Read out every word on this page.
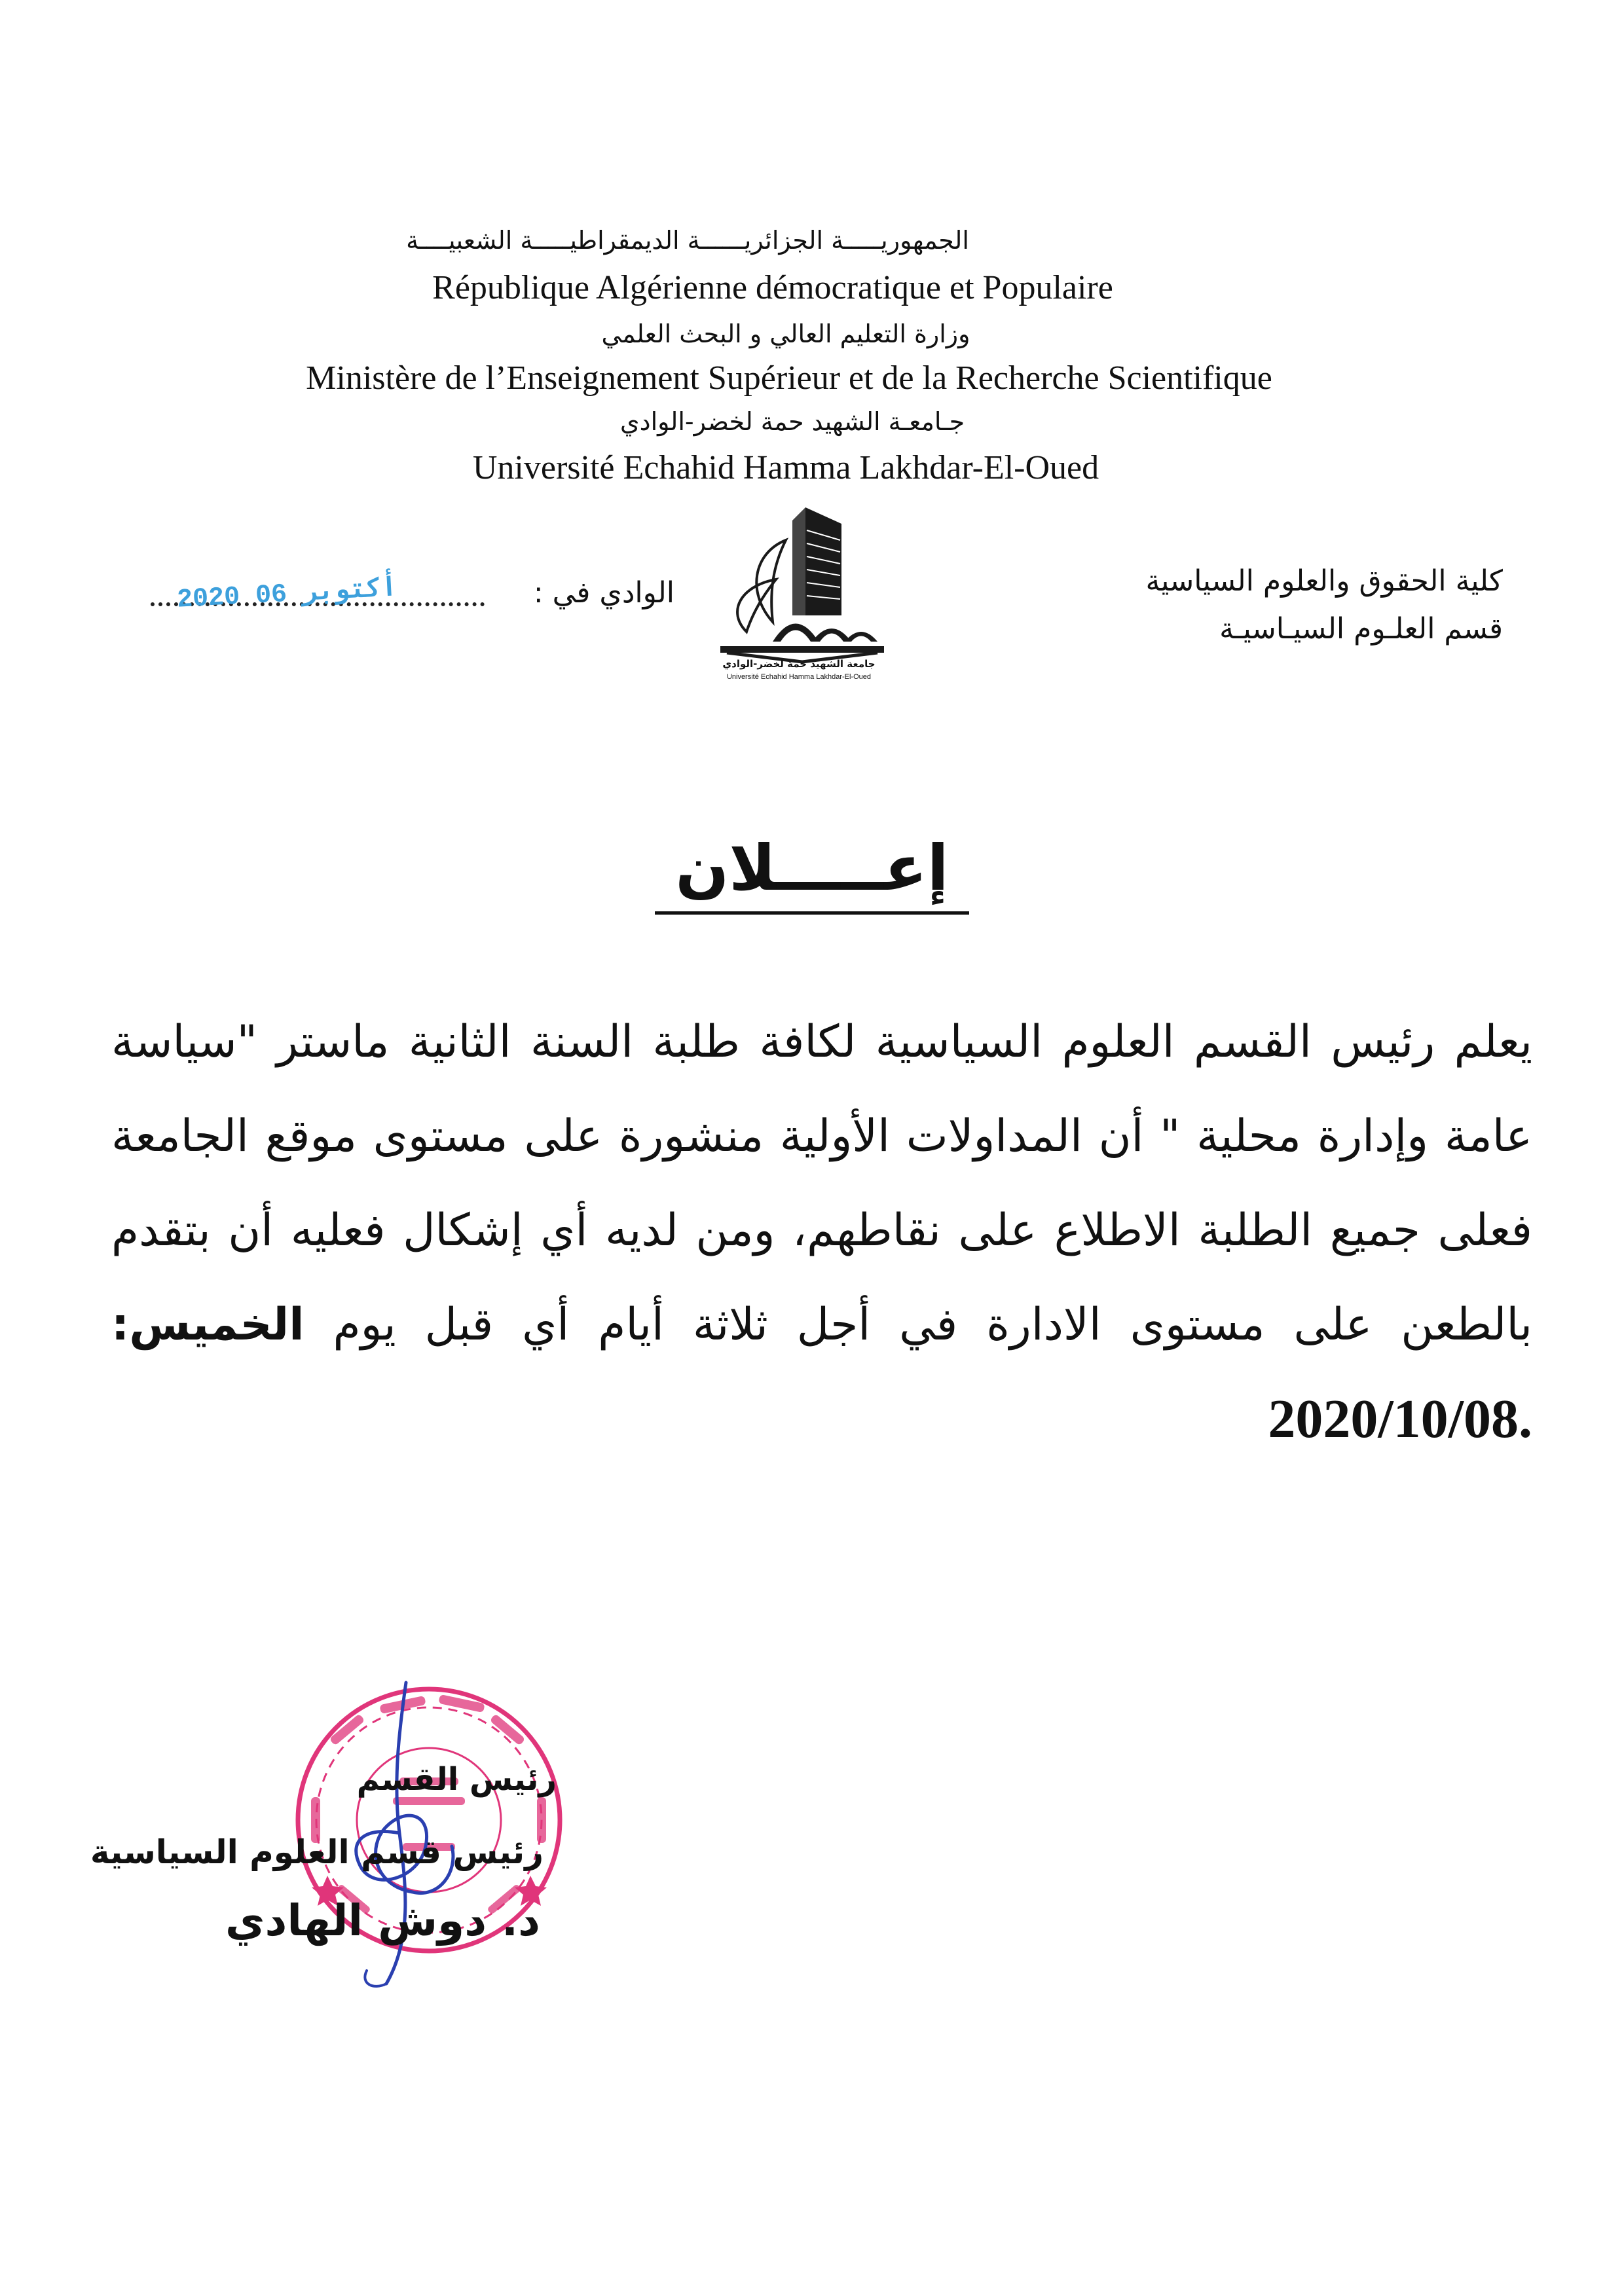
الجمهوريـــــة الجزائريــــــة الديمقراطيـــــة الشعبيــــة
République Algérienne démocratique et Populaire
وزارة التعليم العالي و البحث العلمي
Ministère de l’Enseignement Supérieur et de la Recherche Scientifique
جـامعـة الشهيد حمة لخضر-الوادي
Université Echahid Hamma Lakhdar-El-Oued
جامعة الشهيد حمة لخضر-الوادي
Université Echahid Hamma Lakhdar-El-Oued
كلية الحقوق والعلوم السياسية
قسم العلـوم السيـاسيـة
الوادي في :
2020 أكتوبر 06
إعـــــلان
يعلم رئيس القسم العلوم السياسية لكافة طلبة السنة الثانية ماستر "سياسة عامة وإدارة محلية " أن المداولات الأولية منشورة على مستوى موقع الجامعة فعلى جميع الطلبة الاطلاع على نقاطهم، ومن لديه أي إشكال فعليه أن بتقدم بالطعن على مستوى الادارة في أجل ثلاثة أيام أي قبل يوم الخميس: 2020/10/08.
رئيس القسم
رئيس قسم العلوم السياسية
د. دوش الهادي
